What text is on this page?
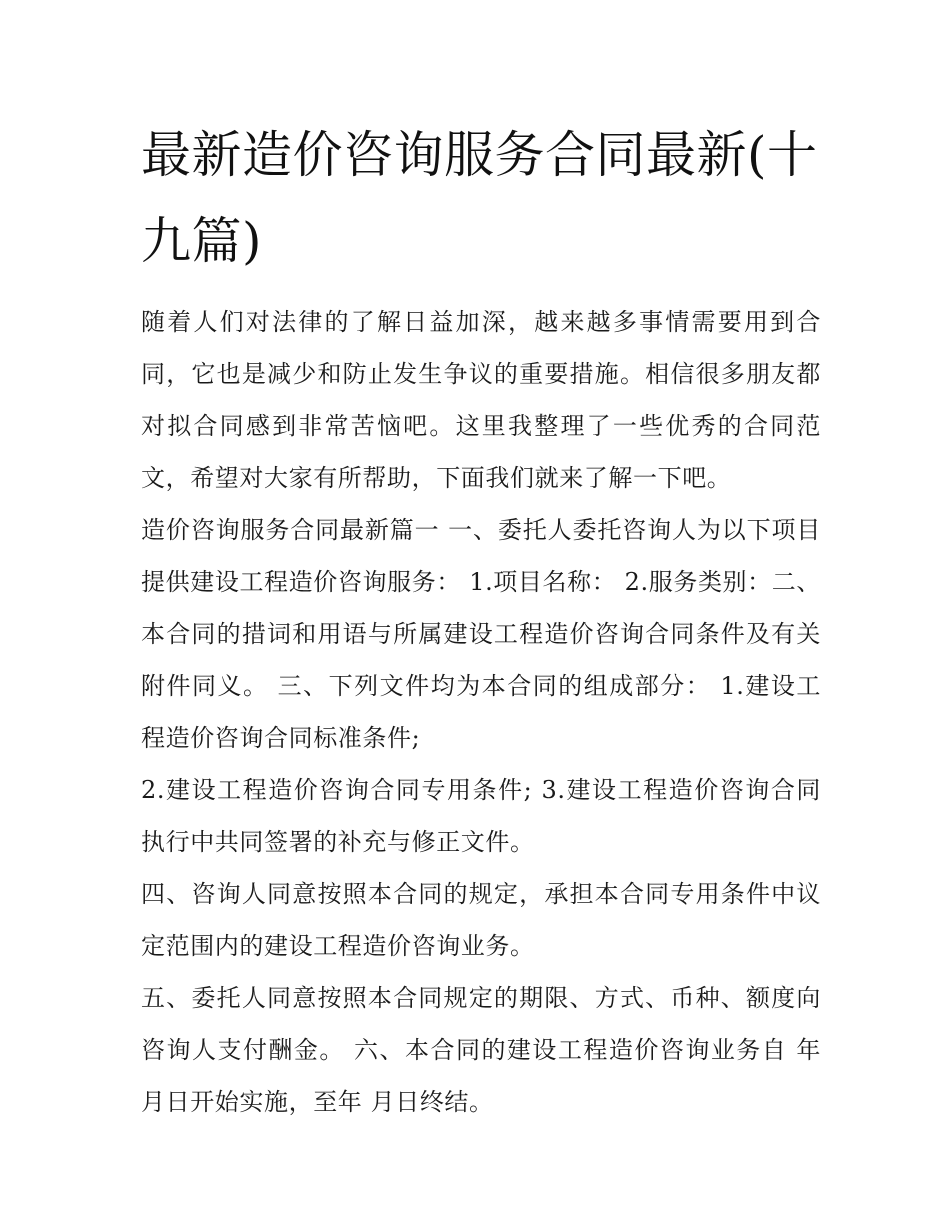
最新造价咨询服务合同最新(十九篇)

随着人们对法律的了解日益加深，越来越多事情需要用到合同，它也是减少和防止发生争议的重要措施。相信很多朋友都对拟合同感到非常苦恼吧。这里我整理了一些优秀的合同范文，希望对大家有所帮助，下面我们就来了解一下吧。

造价咨询服务合同最新篇一 一、委托人委托咨询人为以下项目提供建设工程造价咨询服务： 1.项目名称： 2.服务类别：二、本合同的措词和用语与所属建设工程造价咨询合同条件及有关附件同义。 三、下列文件均为本合同的组成部分： 1.建设工程造价咨询合同标准条件;

2.建设工程造价咨询合同专用条件; 3.建设工程造价咨询合同执行中共同签署的补充与修正文件。

四、咨询人同意按照本合同的规定，承担本合同专用条件中议定范围内的建设工程造价咨询业务。

五、委托人同意按照本合同规定的期限、方式、币种、额度向咨询人支付酬金。 六、本合同的建设工程造价咨询业务自 年 月日开始实施，至年 月日终结。
